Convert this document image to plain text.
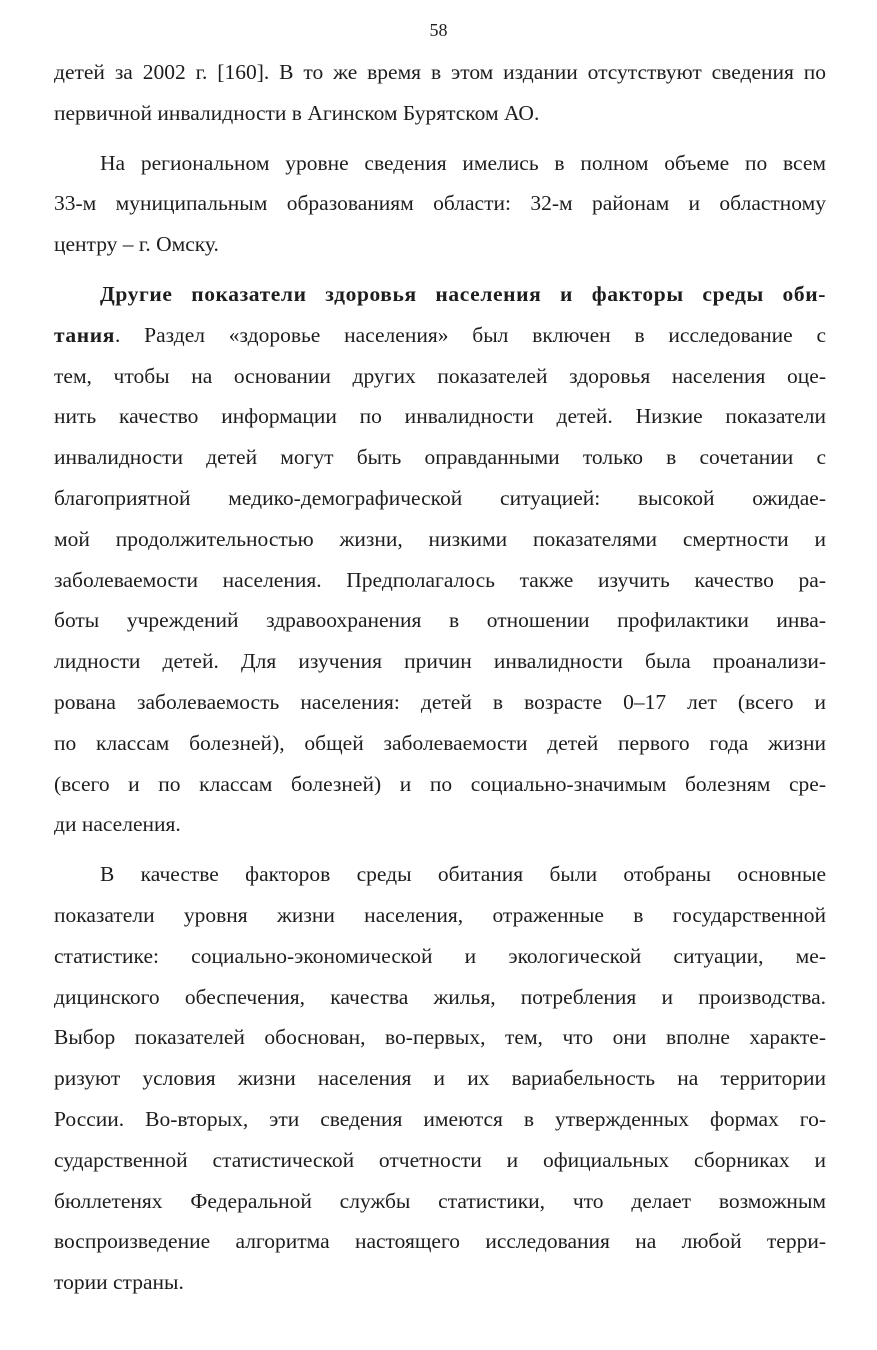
58

детей за 2002 г. [160]. В то же время в этом издании отсутствуют сведения по
первичной инвалидности в Агинском Бурятском АО.

На региональном уровне сведения имелись в полном объеме по всем
33-м муниципальным образованиям области: 32-м районам и областному
центру – г. Омску.

Другие показатели здоровья населения и факторы среды оби-
тания. Раздел «здоровье населения» был включен в исследование с
тем, чтобы на основании других показателей здоровья населения оце-
нить качество информации по инвалидности детей. Низкие показатели
инвалидности детей могут быть оправданными только в сочетании с
благоприятной медико-демографической ситуацией: высокой ожидае-
мой продолжительностью жизни, низкими показателями смертности и
заболеваемости населения. Предполагалось также изучить качество ра-
боты учреждений здравоохранения в отношении профилактики инва-
лидности детей. Для изучения причин инвалидности была проанализи-
рована заболеваемость населения: детей в возрасте 0–17 лет (всего и
по классам болезней), общей заболеваемости детей первого года жизни
(всего и по классам болезней) и по социально-значимым болезням сре-
ди населения.

В качестве факторов среды обитания были отобраны основные
показатели уровня жизни населения, отраженные в государственной
статистике: социально-экономической и экологической ситуации, ме-
дицинского обеспечения, качества жилья, потребления и производства.
Выбор показателей обоснован, во-первых, тем, что они вполне характе-
ризуют условия жизни населения и их вариабельность на территории
России. Во-вторых, эти сведения имеются в утвержденных формах го-
сударственной статистической отчетности и официальных сборниках и
бюллетенях Федеральной службы статистики, что делает возможным
воспроизведение алгоритма настоящего исследования на любой терри-
тории страны.
